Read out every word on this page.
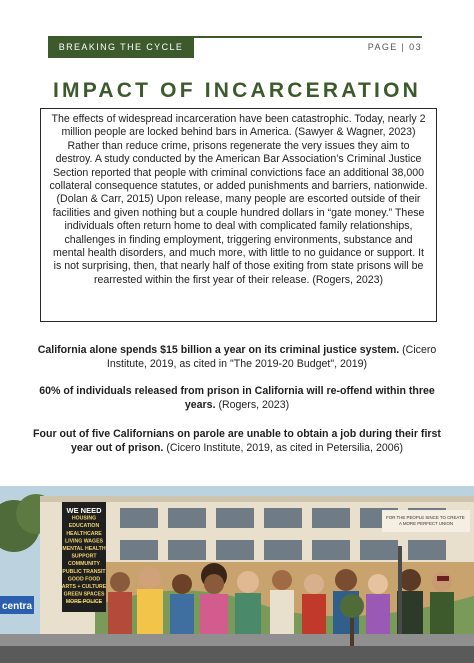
BREAKING THE CYCLE	PAGE | 03
IMPACT OF INCARCERATION

The effects of widespread incarceration have been catastrophic. Today, nearly 2 million people are locked behind bars in America. (Sawyer & Wagner, 2023) Rather than reduce crime, prisons regenerate the very issues they aim to destroy. A study conducted by the American Bar Association’s Criminal Justice Section reported that people with criminal convictions face an additional 38,000 collateral consequence statutes, or added punishments and barriers, nationwide. (Dolan & Carr, 2015) Upon release, many people are escorted outside of their facilities and given nothing but a couple hundred dollars in “gate money.” These individuals often return home to deal with complicated family relationships, challenges in finding employment, triggering environments, substance and mental health disorders, and much more, with little to no guidance or support. It is not surprising, then, that nearly half of those exiting from state prisons will be rearrested within the first year of their release. (Rogers, 2023)

California alone spends $15 billion a year on its criminal justice system. (Cicero Institute, 2019, as cited in "The 2019-20 Budget", 2019)

60% of individuals released from prison in California will re-offend within three years. (Rogers, 2023)

Four out of five Californians on parole are unable to obtain a job during their first year out of prison. (Cicero Institute, 2019, as cited in Petersilia, 2006)

FOR THE PEOPLE SINCE TO CREATE A MORE PERFECT UNION
WE NEED
HOUSING
EDUCATION
HEALTHCARE
LIVING WAGES
MENTAL HEALTH
SUPPORT
COMMUNITY
PUBLIC TRANSIT
GOOD FOOD
ARTS + CULTURE
GREEN SPACES
MORE POLICE
centra
